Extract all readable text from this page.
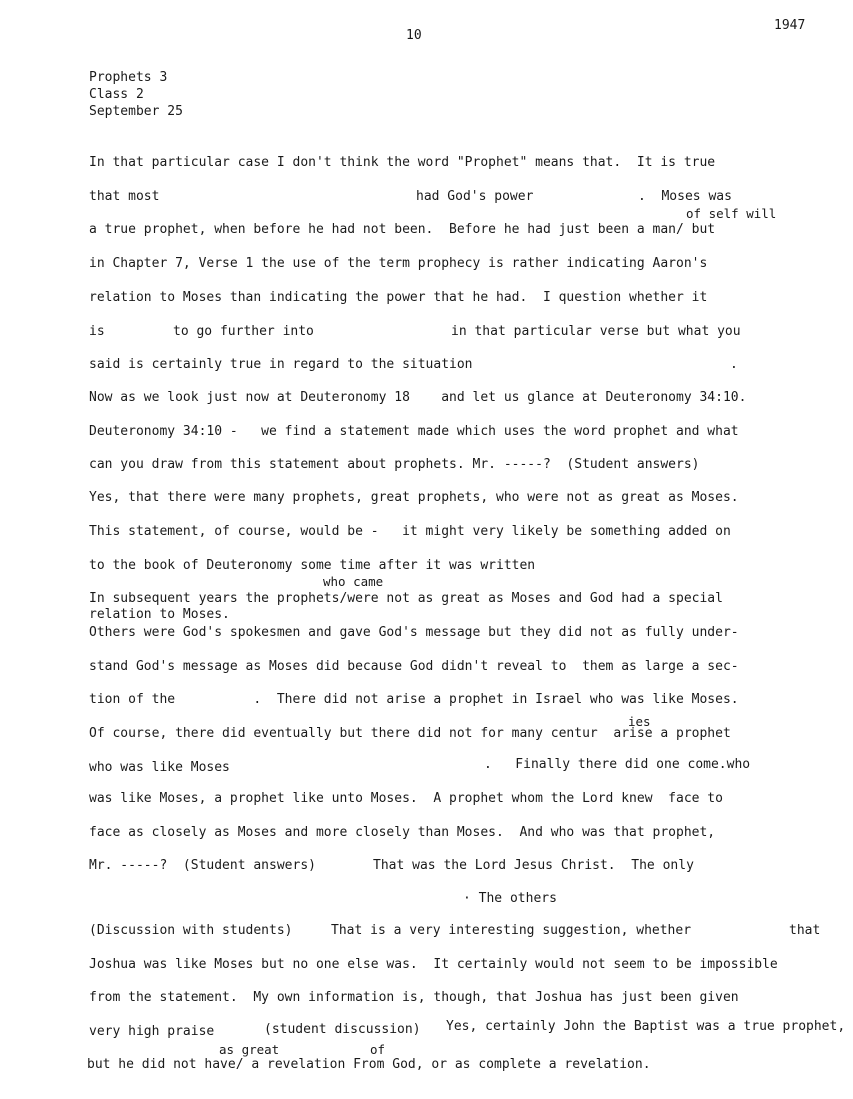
10
1947
Prophets 3
Class 2
September 25
In that particular case I don't think the word "Prophet" means that.  It is true
that most	had God's power	.  Moses was
of self will
a true prophet, when before he had not been.  Before he had just been a man/ but
in Chapter 7, Verse 1 the use of the term prophecy is rather indicating Aaron's
relation to Moses than indicating the power that he had.  I question whether it
is	to go further into	in that particular verse but what you
said is certainly true in regard to the situation	.
Now as we look just now at Deuteronomy 18    and let us glance at Deuteronomy 34:10.
Deuteronomy 34:10 -   we find a statement made which uses the word prophet and what
can you draw from this statement about prophets. Mr. -----?  (Student answers)
Yes, that there were many prophets, great prophets, who were not as great as Moses.
This statement, of course, would be -   it might very likely be something added on
to the book of Deuteronomy some time after it was written
who came
In subsequent years the prophets/were not as great as Moses and God had a special
relation to Moses.
Others were God's spokesmen and gave God's message but they did not as fully under-
stand God's message as Moses did because God didn't reveal to  them as large a sec-
tion of the          .  There did not arise a prophet in Israel who was like Moses.
ies
Of course, there did eventually but there did not for many centur  arise a prophet
who was like Moses	.   Finally there did one come.who
was like Moses, a prophet like unto Moses.  A prophet whom the Lord knew  face to
face as closely as Moses and more closely than Moses.  And who was that prophet,
Mr. -----?  (Student answers)	That was the Lord Jesus Christ.  The only
· The others
(Discussion with students)	That is a very interesting suggestion, whether	that
Joshua was like Moses but no one else was.  It certainly would not seem to be impossible
from the statement.  My own information is, though, that Joshua has just been given
very high praise	(student discussion) Yes, certainly John the Baptist was a true prophet,
as great	of
but he did not have/ a revelation From God, or as complete a revelation.
